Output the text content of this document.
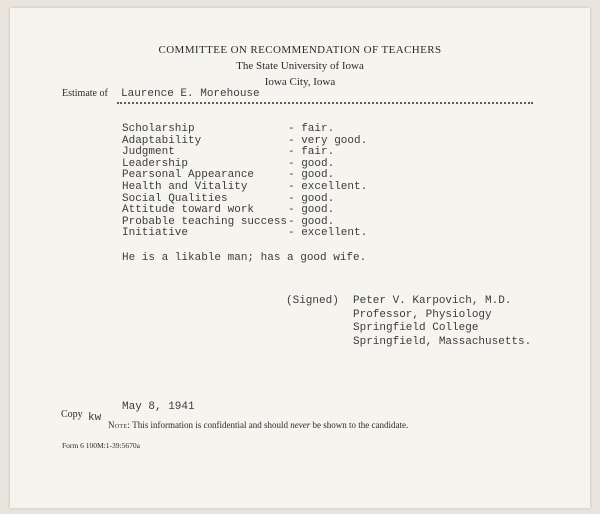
COMMITTEE ON RECOMMENDATION OF TEACHERS
The State University of Iowa
Iowa City, Iowa
Estimate of Laurence E. Morehouse
Scholarship	- fair.
Adaptability	- very good.
Judgment	- fair.
Leadership	- good.
Pearsonal Appearance	- good.
Health and Vitality	- excellent.
Social Qualities	- good.
Attitude toward work	- good.
Probable teaching success - good.
Initiative	- excellent.
He is a likable man; has a good wife.
(Signed) Peter V. Karpovich, M.D.
Professor, Physiology
Springfield College
Springfield, Massachusetts.
May 8, 1941
Copy kw
Note: This information is confidential and should never be shown to the candidate.
Form 6 100M:1-39:5670a
